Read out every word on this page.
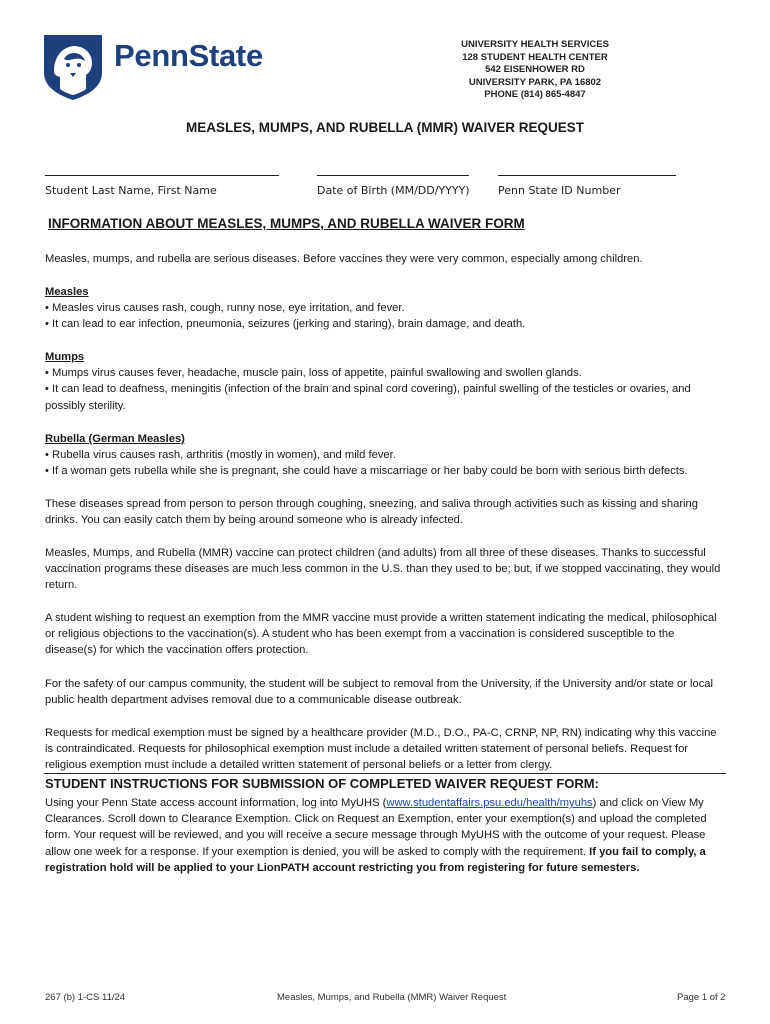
PennState	UNIVERSITY HEALTH SERVICES
128 STUDENT HEALTH CENTER
542 EISENHOWER RD
UNIVERSITY PARK, PA 16802
PHONE (814) 865-4847
MEASLES, MUMPS, AND RUBELLA (MMR) WAIVER REQUEST
Student Last Name, First Name	Date of Birth (MM/DD/YYYY)	Penn State ID Number
INFORMATION ABOUT MEASLES, MUMPS, AND RUBELLA WAIVER FORM

Measles, mumps, and rubella are serious diseases. Before vaccines they were very common, especially among children.

Measles

• Measles virus causes rash, cough, runny nose, eye irritation, and fever.

• It can lead to ear infection, pneumonia, seizures (jerking and staring), brain damage, and death.

Mumps

• Mumps virus causes fever, headache, muscle pain, loss of appetite, painful swallowing and swollen glands.

• It can lead to deafness, meningitis (infection of the brain and spinal cord covering), painful swelling of the testicles or ovaries, and possibly sterility.

Rubella (German Measles)

• Rubella virus causes rash, arthritis (mostly in women), and mild fever.

• If a woman gets rubella while she is pregnant, she could have a miscarriage or her baby could be born with serious birth defects.

These diseases spread from person to person through coughing, sneezing, and saliva through activities such as kissing and sharing drinks. You can easily catch them by being around someone who is already infected.

Measles, Mumps, and Rubella (MMR) vaccine can protect children (and adults) from all three of these diseases. Thanks to successful vaccination programs these diseases are much less common in the U.S. than they used to be; but, if we stopped vaccinating, they would return.

A student wishing to request an exemption from the MMR vaccine must provide a written statement indicating the medical, philosophical or religious objections to the vaccination(s). A student who has been exempt from a vaccination is considered susceptible to the disease(s) for which the vaccination offers protection.

For the safety of our campus community, the student will be subject to removal from the University, if the University and/or state or local public health department advises removal due to a communicable disease outbreak.

Requests for medical exemption must be signed by a healthcare provider (M.D., D.O., PA-C, CRNP, NP, RN) indicating why this vaccine is contraindicated. Requests for philosophical exemption must include a detailed written statement of personal beliefs. Request for religious exemption must include a detailed written statement of personal beliefs or a letter from clergy.

STUDENT INSTRUCTIONS FOR SUBMISSION OF COMPLETED WAIVER REQUEST FORM:

Using your Penn State access account information, log into MyUHS (www.studentaffairs.psu.edu/health/myuhs) and click on View My Clearances. Scroll down to Clearance Exemption. Click on Request an Exemption, enter your exemption(s) and upload the completed form. Your request will be reviewed, and you will receive a secure message through MyUHS with the outcome of your request. Please allow one week for a response. If your exemption is denied, you will be asked to comply with the requirement. If you fail to comply, a registration hold will be applied to your LionPATH account restricting you from registering for future semesters.

267 (b) 1-CS 11/24	Measles, Mumps, and Rubella (MMR) Waiver Request	Page 1 of 2
